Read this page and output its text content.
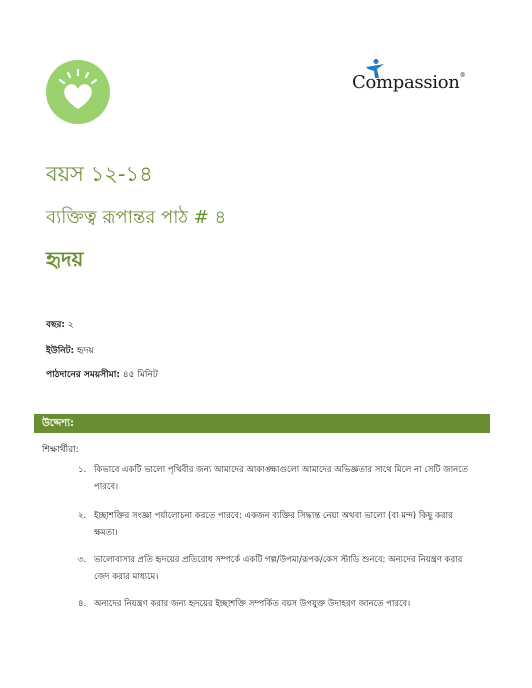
Compassion®
বয়স ১২-১৪
ব্যক্তিত্ব রূপান্তর পাঠ # ৪
হৃদয়
বছর: ২
ইউনিট: হৃদয়
পাঠদানের সময়সীমা: ৪৫ মিনিট
উদ্দেশ্য:
শিক্ষার্থীরা:
১. কিভাবে একটি ভালো পৃথিবীর জন্য আমাদের আকাঙ্ক্ষাগুলো আমাদের অভিজ্ঞতার সাথে মিলে না সেটি জানতে পারবে।
২. ইচ্ছাশক্তির সংজ্ঞা পর্যালোচনা করতে পারবে: একজন ব্যক্তির সিদ্ধান্ত নেয়া অথবা ভালো (বা মন্দ) কিছু করার ক্ষমতা।
৩. ভালোবাসার প্রতি হৃদয়ের প্রতিরোধ সম্পর্কে একটি গল্প/উপমা/রূপক/কেস স্টাডি শুনবে: অন্যদের নিয়ন্ত্রণ করার জেদ করার মাধ্যমে।
৪. অন্যদের নিয়ন্ত্রণ করার জন্য হৃদয়ের ইচ্ছাশক্তি সম্পর্কিত বয়স উপযুক্ত উদাহরণ জানতে পারবে।
